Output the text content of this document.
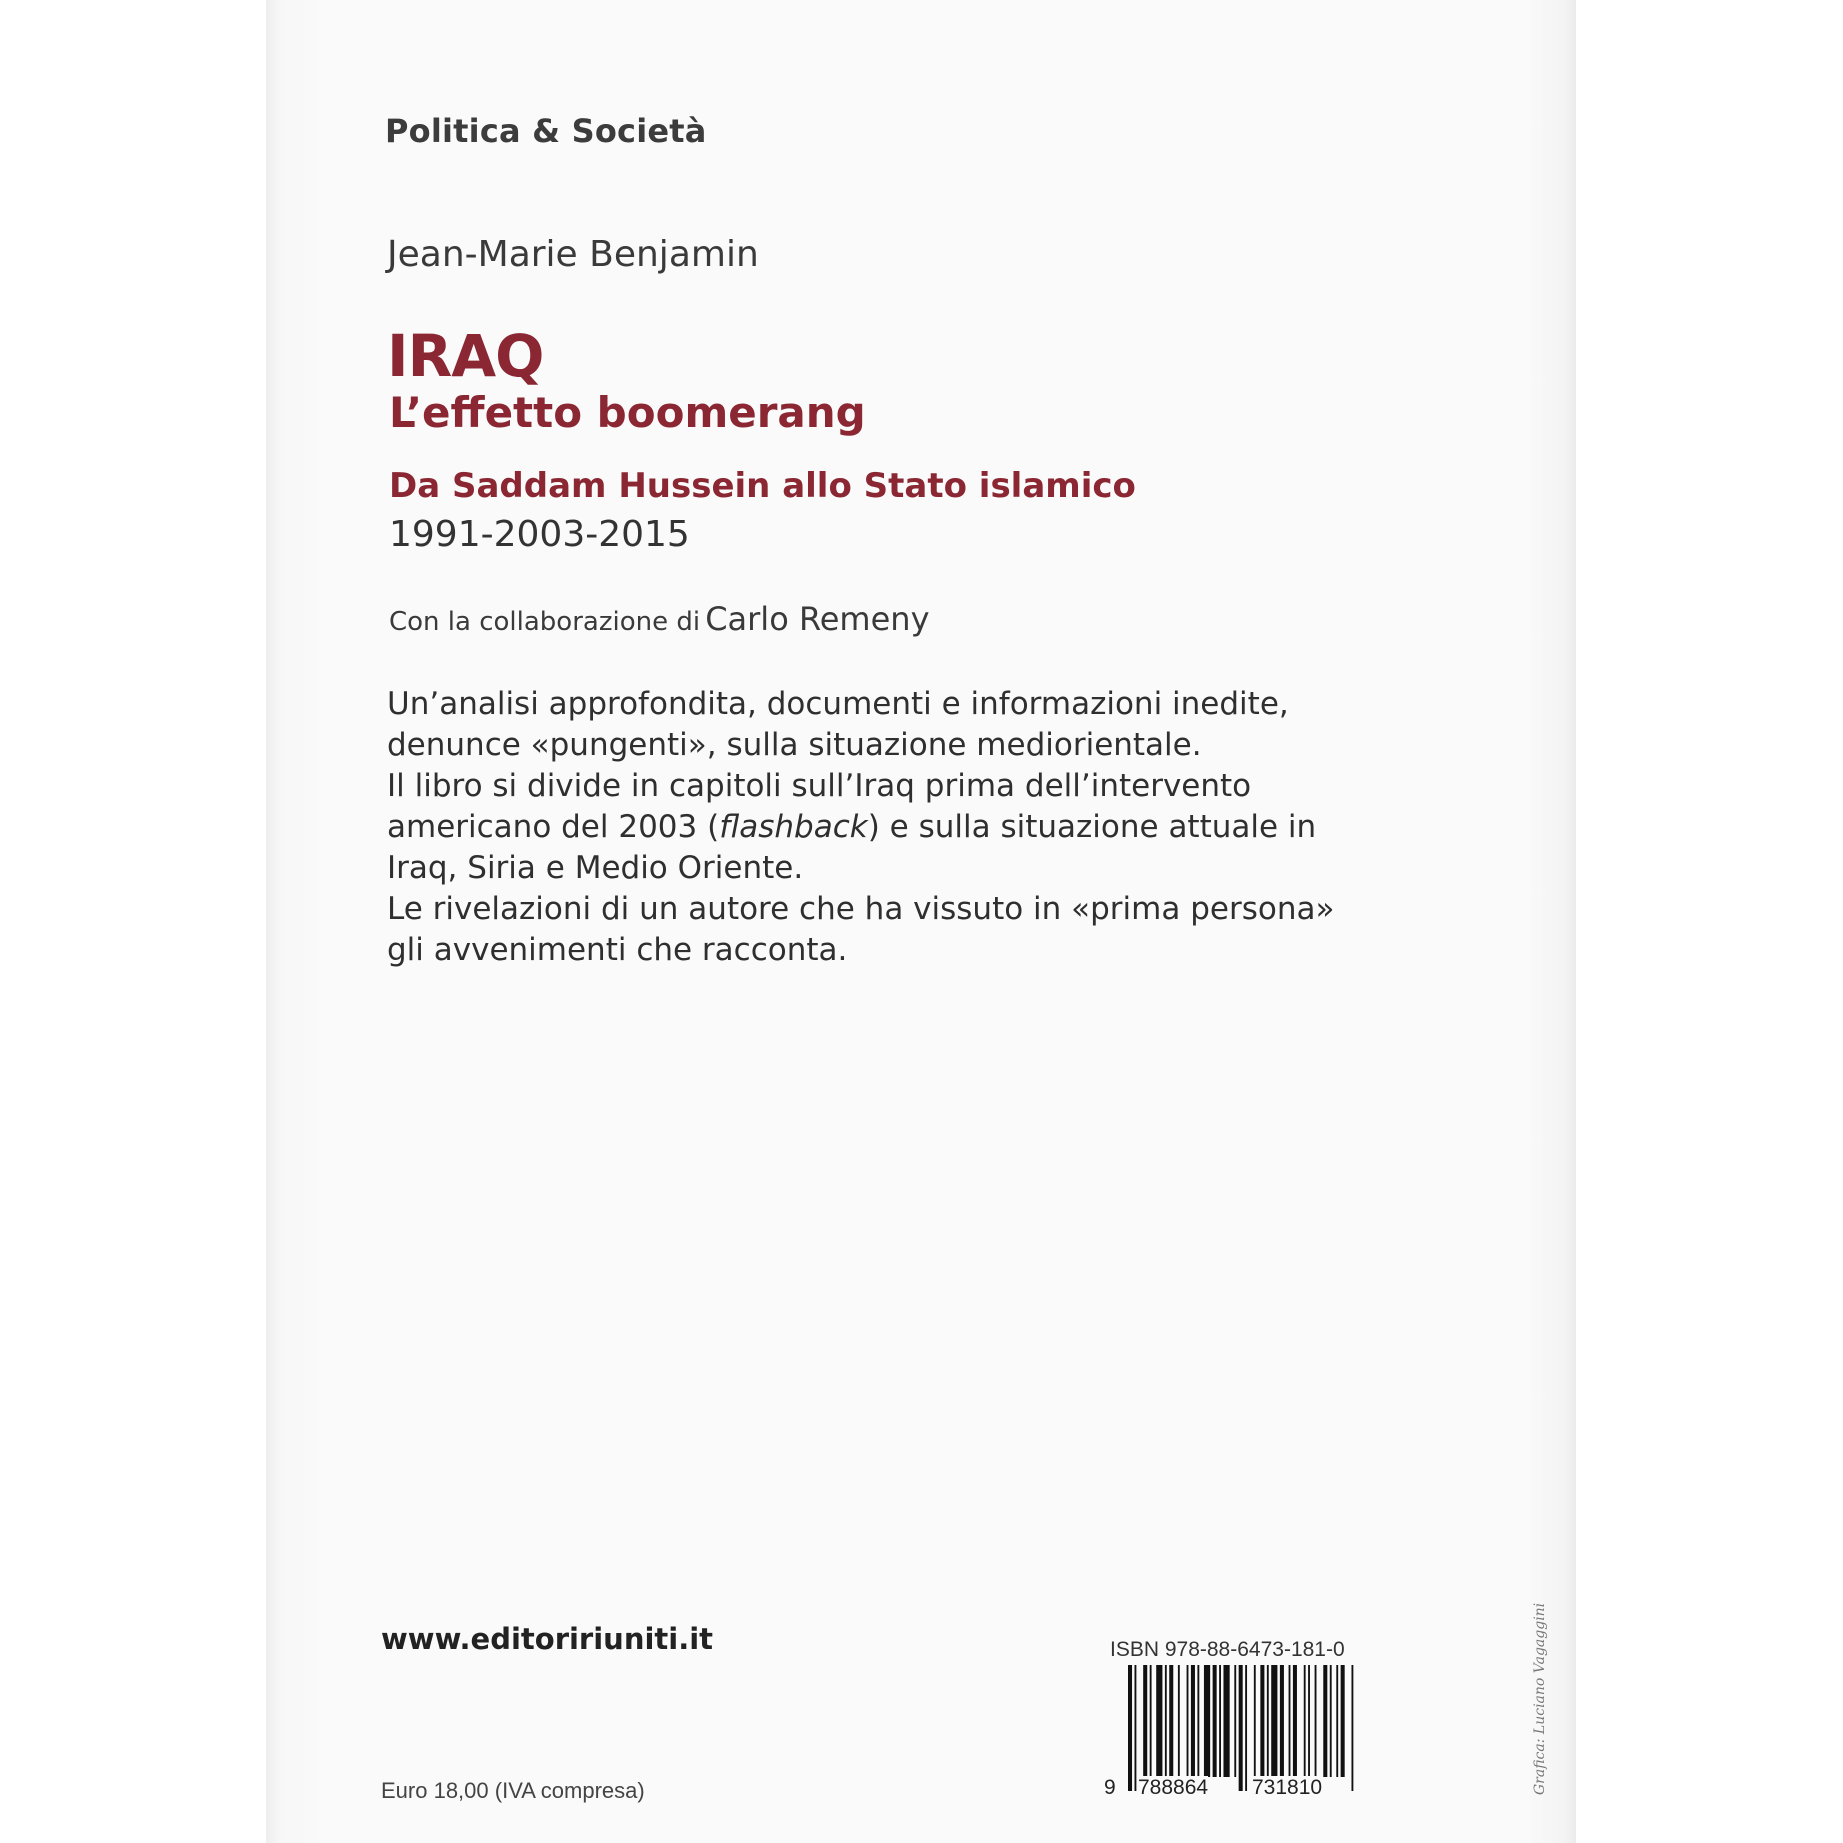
Politica & Società
Jean-Marie Benjamin
IRAQ
L’effetto boomerang
Da Saddam Hussein allo Stato islamico
1991-2003-2015
Con la collaborazione di Carlo Remeny

Un’analisi approfondita, documenti e informazioni inedite,

denunce «pungenti», sulla situazione mediorientale.

Il libro si divide in capitoli sull’Iraq prima dell’intervento

americano del 2003 (flashback) e sulla situazione attuale in

Iraq, Siria e Medio Oriente.

Le rivelazioni di un autore che ha vissuto in «prima persona»

gli avvenimenti che racconta.

www.editoririuniti.it
Euro 18,00 (IVA compresa)
ISBN 978-88-6473-181-0
9 788864 731810	Grafica: Luciano Vagaggini
